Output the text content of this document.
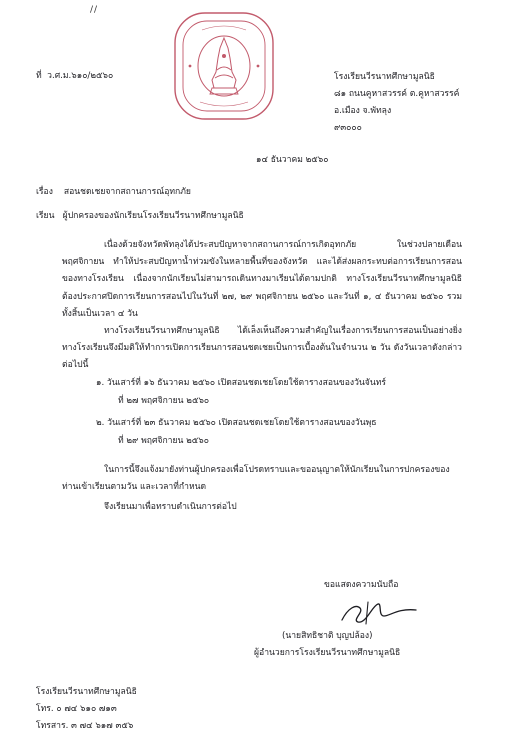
//
ที่ ว.ศ.ม.๖๑๐/๒๕๖๐	โรงเรียนวีรนาทศึกษามูลนิธิ
๘๑ ถนนคูหาสวรรค์ ต.คูหาสวรรค์
อ.เมือง จ.พัทลุง
๙๓๐๐๐
๑๔ ธันวาคม ๒๕๖๐
เรื่อง สอนชดเชยจากสถานการณ์อุทกภัย
เรียน ผู้ปกครองของนักเรียนโรงเรียนวีรนาทศึกษามูลนิธิ
เนื่องด้วยจังหวัดพัทลุงได้ประสบปัญหาจากสถานการณ์การเกิดอุทกภัย ในช่วงปลายเดือนพฤศจิกายน ทำให้ประสบปัญหาน้ำท่วมขังในหลายพื้นที่ของจังหวัด และได้ส่งผลกระทบต่อการเรียนการสอนของทางโรงเรียน เนื่องจากนักเรียนไม่สามารถเดินทางมาเรียนได้ตามปกติ ทางโรงเรียนวีรนาทศึกษามูลนิธิต้องประกาศปิดการเรียนการสอนไปในวันที่ ๒๗, ๒๙ พฤศจิกายน ๒๕๖๐ และวันที่ ๑, ๔ ธันวาคม ๒๕๖๐ รวมทั้งสิ้นเป็นเวลา ๔ วัน
ทางโรงเรียนวีรนาทศึกษามูลนิธิ ได้เล็งเห็นถึงความสำคัญในเรื่องการเรียนการสอนเป็นอย่างยิ่ง ทางโรงเรียนจึงมีมติให้ทำการเปิดการเรียนการสอนชดเชยเป็นการเบื้องต้นในจำนวน ๒ วัน ดังวันเวลาดังกล่าวต่อไปนี้
๑. วันเสาร์ที่ ๑๖ ธันวาคม ๒๕๖๐ เปิดสอนชดเชยโดยใช้ตารางสอนของวันจันทร์
ที่ ๒๗ พฤศจิกายน ๒๕๖๐
๒. วันเสาร์ที่ ๒๓ ธันวาคม ๒๕๖๐ เปิดสอนชดเชยโดยใช้ตารางสอนของวันพุธ
ที่ ๒๙ พฤศจิกายน ๒๕๖๐
ในการนี้จึงแจ้งมายังท่านผู้ปกครองเพื่อโปรดทราบและขออนุญาตให้นักเรียนในการปกครองของท่านเข้าเรียนตามวัน และเวลาที่กำหนด
จึงเรียนมาเพื่อทราบดำเนินการต่อไป
ขอแสดงความนับถือ
(นายสิทธิชาติ บุญปล้อง)
ผู้อำนวยการโรงเรียนวีรนาทศึกษามูลนิธิ
โรงเรียนวีรนาทศึกษามูลนิธิ
โทร. ๐ ๗๔ ๖๑๐ ๗๑๓
โทรสาร. ๓ ๗๔ ๖๑๗ ๓๕๖
